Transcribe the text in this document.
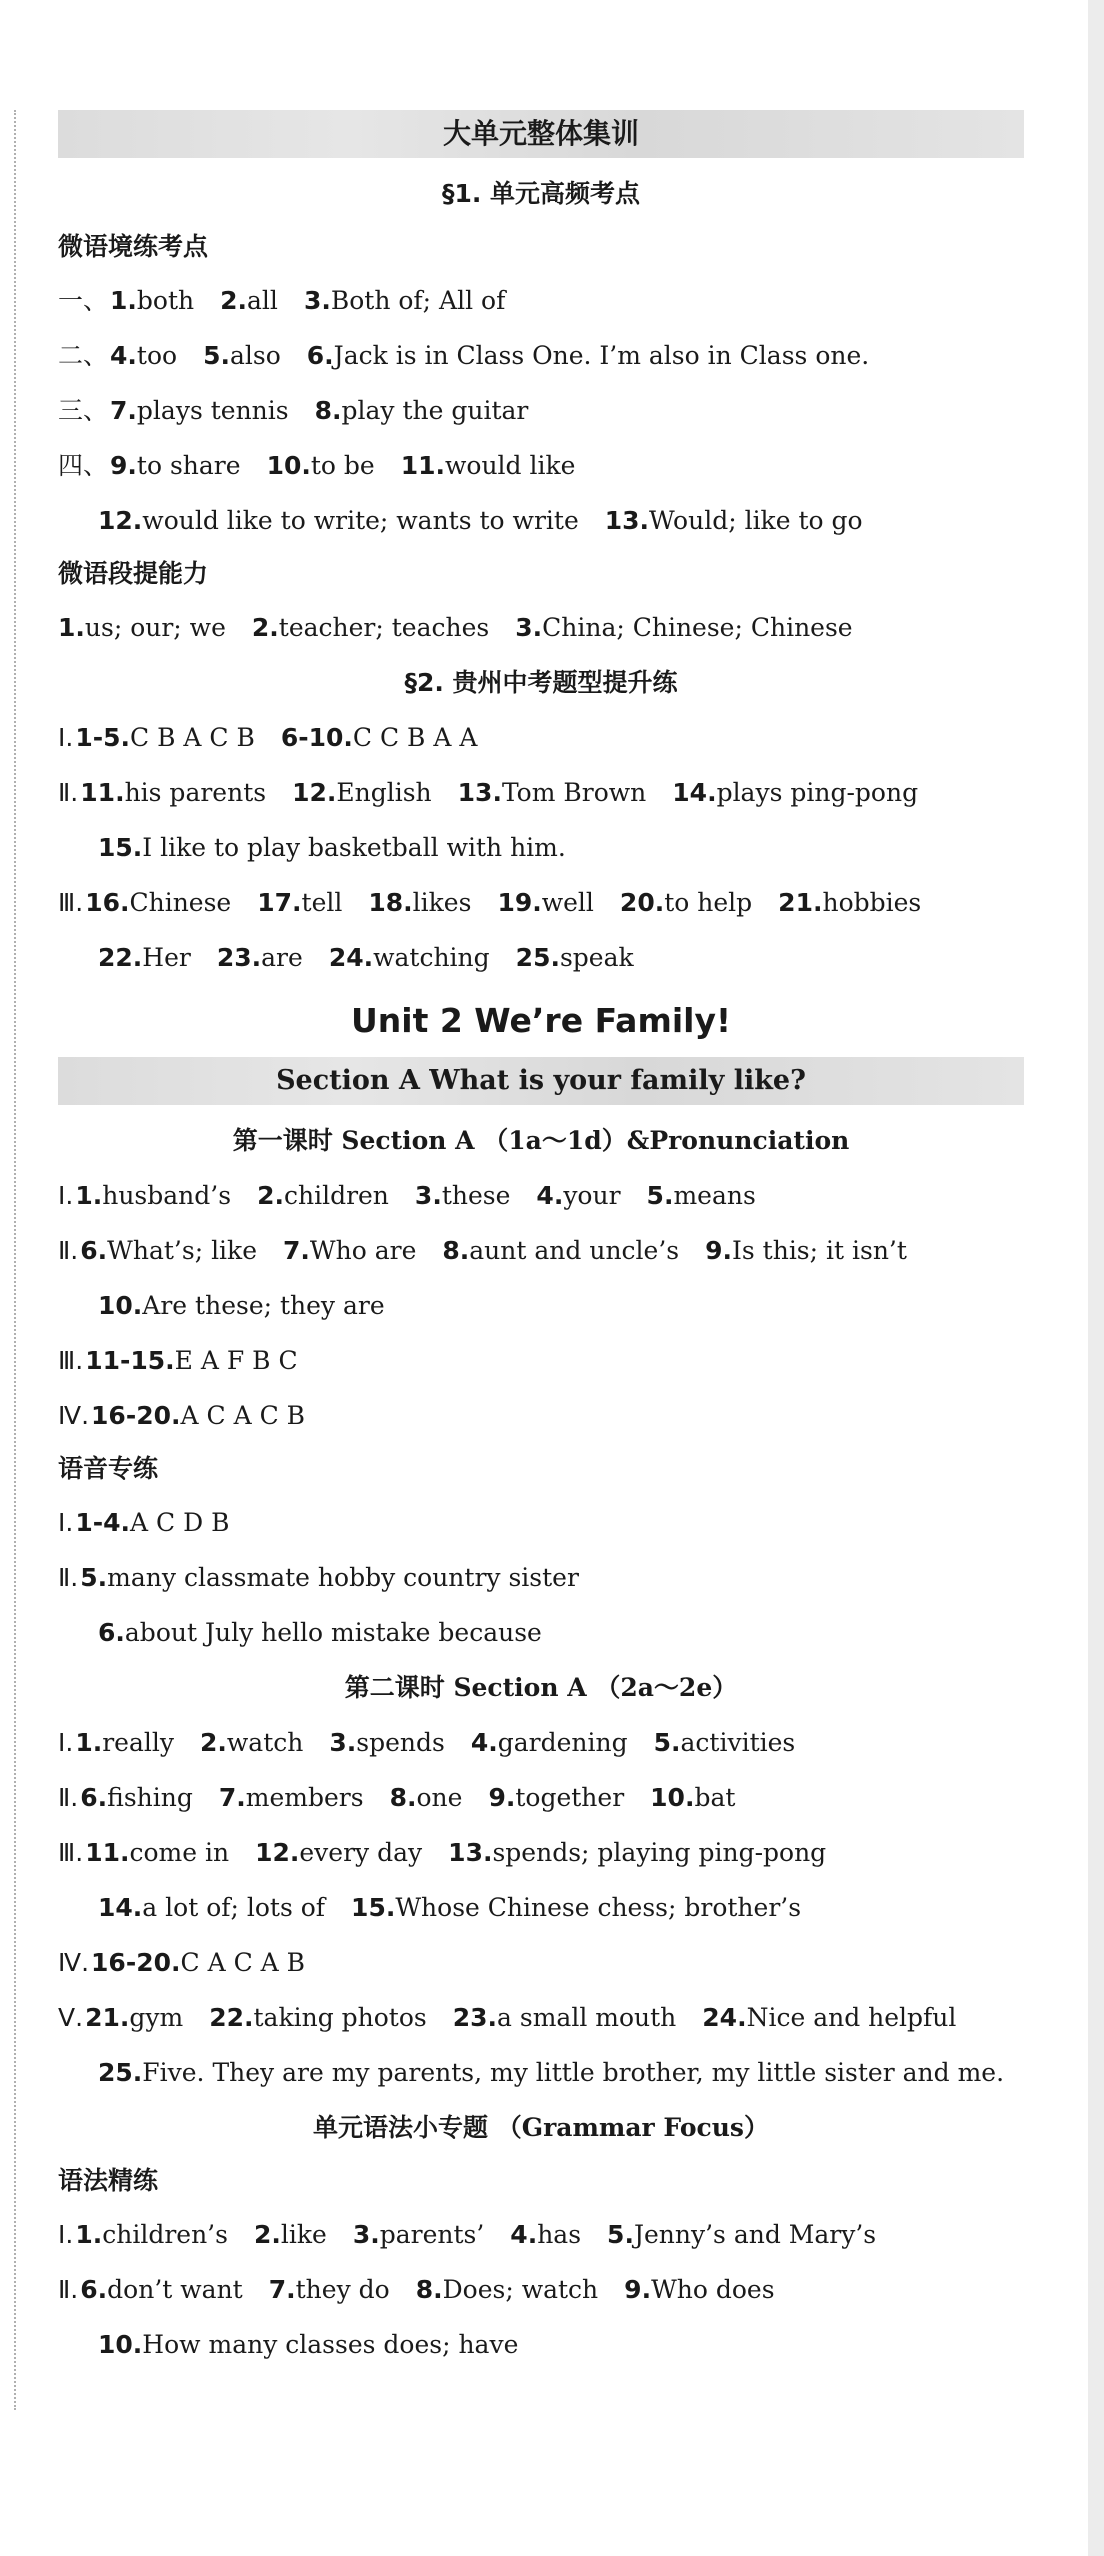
大单元整体集训
§1. 单元高频考点
微语境练考点
一、1.both 2.all 3.Both of; All of
二、4.too 5.also 6.Jack is in Class One. I’m also in Class one.
三、7.plays tennis 8.play the guitar
四、9.to share 10.to be 11.would like
12.would like to write; wants to write 13.Would; like to go
微语段提能力
1.us; our; we 2.teacher; teaches 3.China; Chinese; Chinese
§2. 贵州中考题型提升练
Ⅰ.1-5.C B A C B 6-10.C C B A A
Ⅱ.11.his parents 12.English 13.Tom Brown 14.plays ping-pong
15.I like to play basketball with him.
Ⅲ.16.Chinese 17.tell 18.likes 19.well 20.to help 21.hobbies
22.Her 23.are 24.watching 25.speak
Unit 2 We’re Family!
Section A What is your family like?
第一课时 Section A （1a～1d）&Pronunciation
Ⅰ.1.husband’s 2.children 3.these 4.your 5.means
Ⅱ.6.What’s; like 7.Who are 8.aunt and uncle’s 9.Is this; it isn’t
10.Are these; they are
Ⅲ.11-15.E A F B C
Ⅳ.16-20.A C A C B
语音专练
Ⅰ.1-4.A C D B
Ⅱ.5.many classmate hobby country sister
6.about July hello mistake because
第二课时 Section A （2a～2e）
Ⅰ.1.really 2.watch 3.spends 4.gardening 5.activities
Ⅱ.6.fishing 7.members 8.one 9.together 10.bat
Ⅲ.11.come in 12.every day 13.spends; playing ping-pong
14.a lot of; lots of 15.Whose Chinese chess; brother’s
Ⅳ.16-20.C A C A B
Ⅴ.21.gym 22.taking photos 23.a small mouth 24.Nice and helpful
25.Five. They are my parents, my little brother, my little sister and me.
单元语法小专题 （Grammar Focus）
语法精练
Ⅰ.1.children’s 2.like 3.parents’ 4.has 5.Jenny’s and Mary’s
Ⅱ.6.don’t want 7.they do 8.Does; watch 9.Who does
10.How many classes does; have
